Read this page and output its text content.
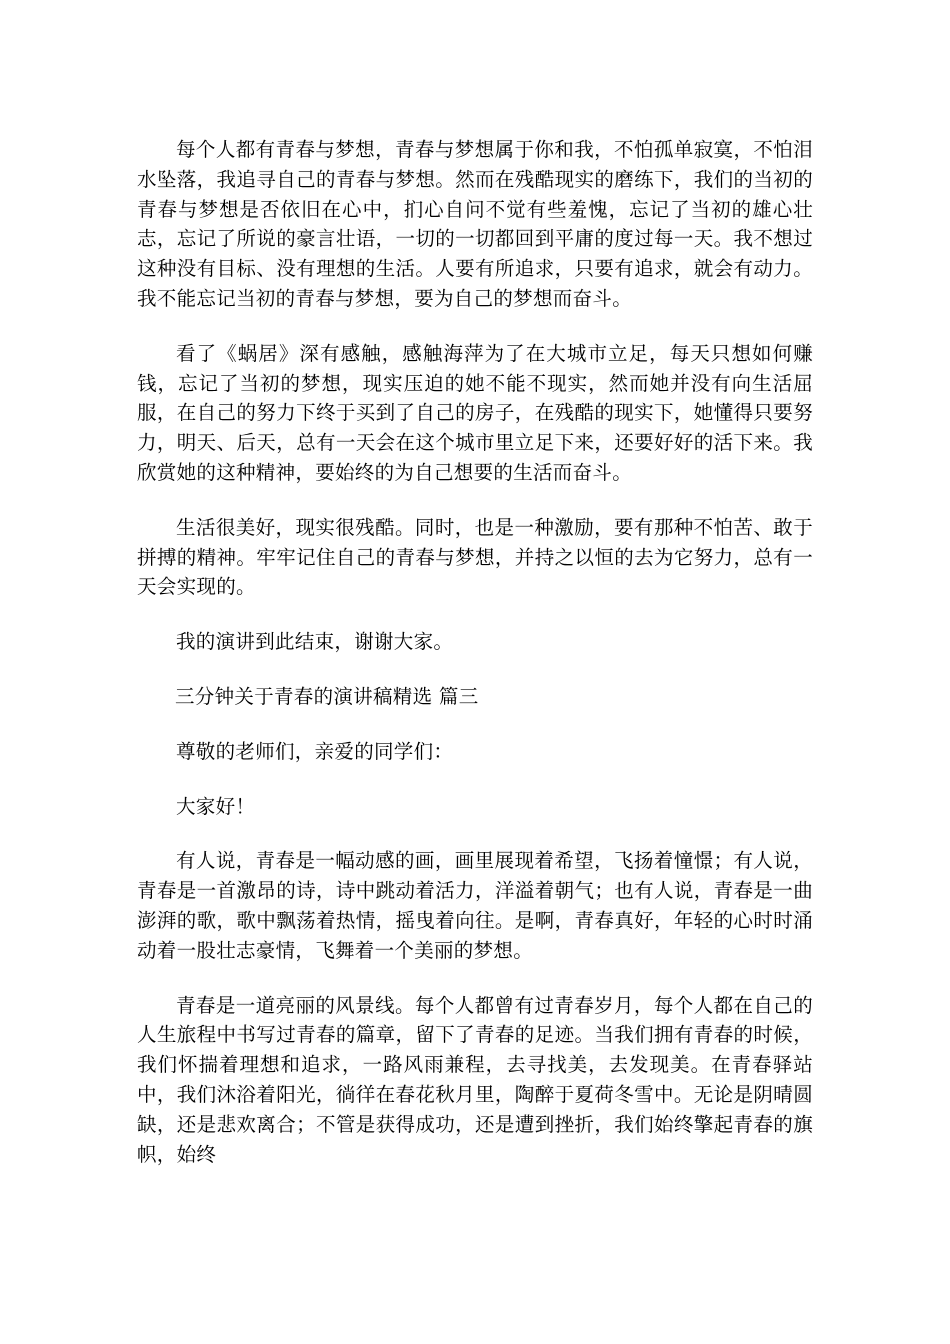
每个人都有青春与梦想，青春与梦想属于你和我，不怕孤单寂寞，不怕泪水坠落，我追寻自己的青春与梦想。然而在残酷现实的磨练下，我们的当初的青春与梦想是否依旧在心中，扪心自问不觉有些羞愧，忘记了当初的雄心壮志，忘记了所说的豪言壮语，一切的一切都回到平庸的度过每一天。我不想过这种没有目标、没有理想的生活。人要有所追求，只要有追求，就会有动力。我不能忘记当初的青春与梦想，要为自己的梦想而奋斗。

看了《蜗居》深有感触，感触海萍为了在大城市立足，每天只想如何赚钱，忘记了当初的梦想，现实压迫的她不能不现实，然而她并没有向生活屈服，在自己的努力下终于买到了自己的房子，在残酷的现实下，她懂得只要努力，明天、后天，总有一天会在这个城市里立足下来，还要好好的活下来。我欣赏她的这种精神，要始终的为自己想要的生活而奋斗。

生活很美好，现实很残酷。同时，也是一种激励，要有那种不怕苦、敢于拼搏的精神。牢牢记住自己的青春与梦想，并持之以恒的去为它努力，总有一天会实现的。

我的演讲到此结束，谢谢大家。

三分钟关于青春的演讲稿精选 篇三

尊敬的老师们，亲爱的同学们：

大家好！

有人说，青春是一幅动感的画，画里展现着希望，飞扬着憧憬；有人说，青春是一首激昂的诗，诗中跳动着活力，洋溢着朝气；也有人说，青春是一曲澎湃的歌，歌中飘荡着热情，摇曳着向往。是啊，青春真好，年轻的心时时涌动着一股壮志豪情，飞舞着一个美丽的梦想。

青春是一道亮丽的风景线。每个人都曾有过青春岁月，每个人都在自己的人生旅程中书写过青春的篇章，留下了青春的足迹。当我们拥有青春的时候，我们怀揣着理想和追求，一路风雨兼程，去寻找美，去发现美。在青春驿站中，我们沐浴着阳光，徜徉在春花秋月里，陶醉于夏荷冬雪中。无论是阴晴圆缺，还是悲欢离合；不管是获得成功，还是遭到挫折，我们始终擎起青春的旗帜，始终
